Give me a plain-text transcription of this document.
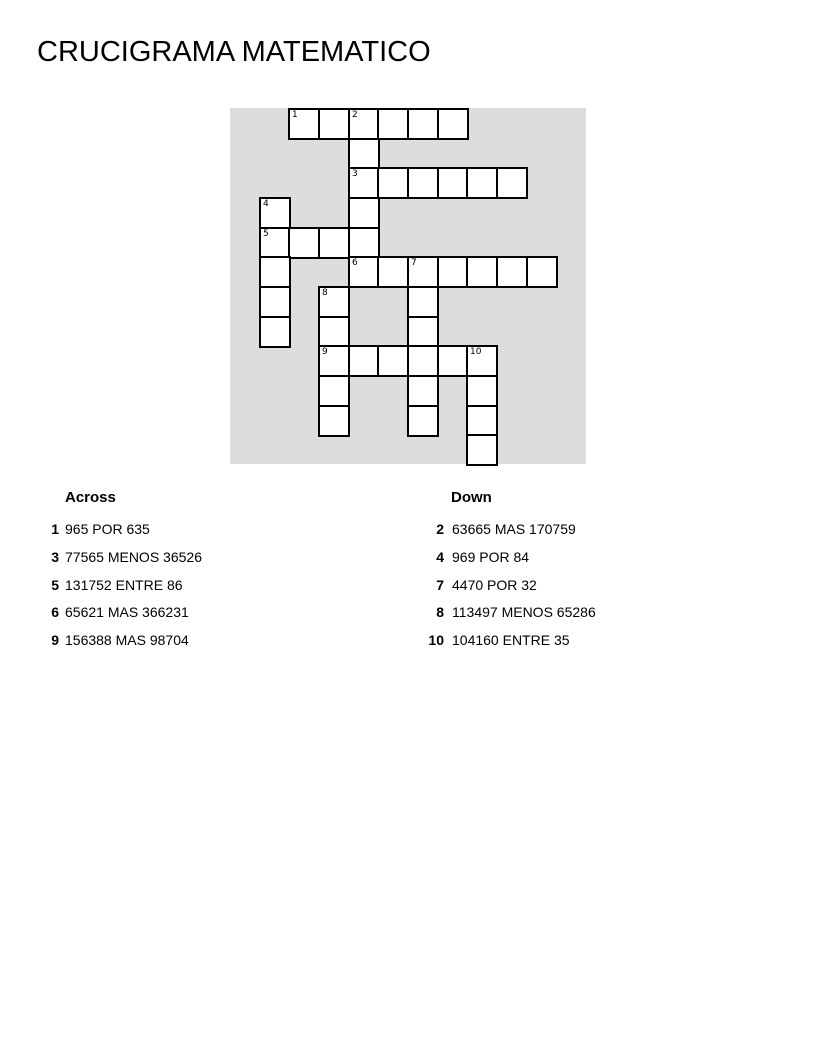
CRUCIGRAMA MATEMATICO
1	2
3
4
5
6	7
8
9	10
Across
1 965 POR 635
3 77565 MENOS 36526
5 131752 ENTRE 86
6 65621 MAS 366231
9 156388 MAS 98704
Down
2 63665 MAS 170759
4 969 POR 84
7 4470 POR 32
8 113497 MENOS 65286
10 104160 ENTRE 35
